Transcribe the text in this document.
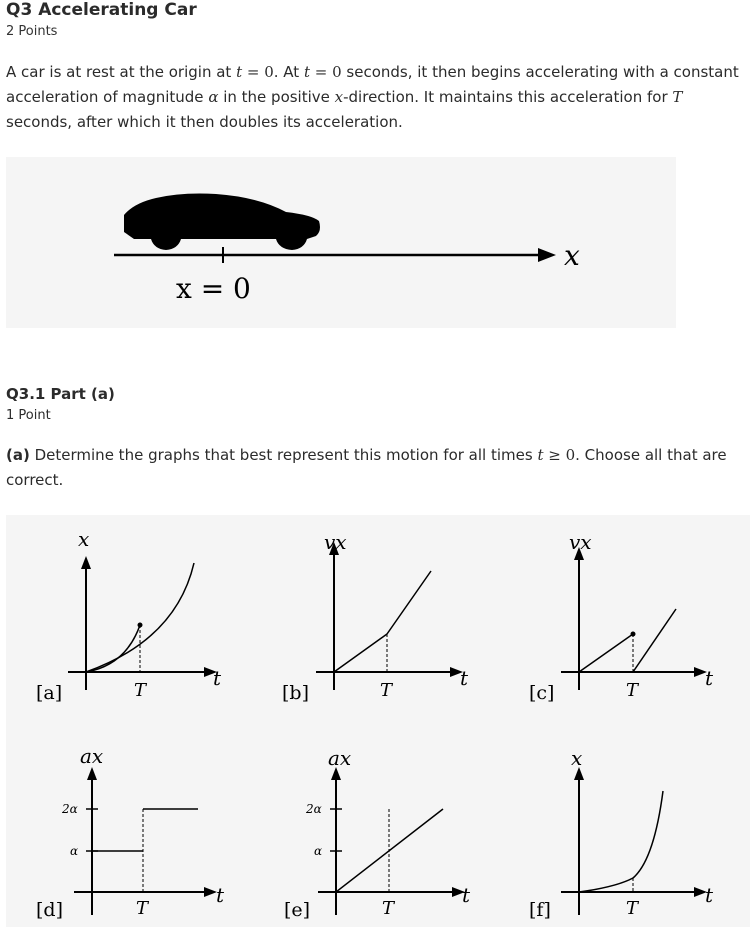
Q3 Accelerating Car
2 Points
A car is at rest at the origin at t = 0. At t = 0 seconds, it then begins accelerating with a constant acceleration of magnitude α in the positive x-direction. It maintains this acceleration for T seconds, after which it then doubles its acceleration.
x
x = 0
Q3.1 Part (a)
1 Point
(a) Determine the graphs that best represent this motion for all times t ≥ 0. Choose all that are correct.
x
t
T
[a]
vx
t
T
[b]
vx
t
T
[c]
ax
2α
α
t
T
[d]
ax
2α
α
t
T
[e]
x
t
T
[f]
